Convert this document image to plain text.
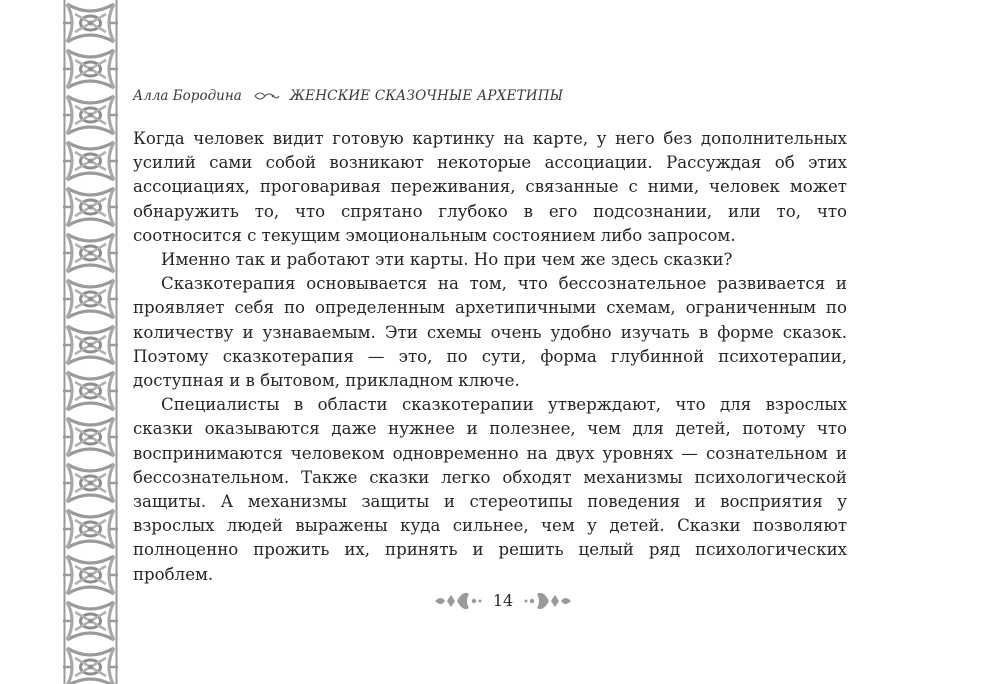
Алла Бородина	ЖЕНСКИЕ СКАЗОЧНЫЕ АРХЕТИПЫ

Когда человек видит готовую картинку на карте, у него без дополнительных усилий сами собой возникают некоторые ассоциации. Рассуждая об этих ассоциациях, проговаривая переживания, связанные с ними, человек может обнаружить то, что спрятано глубоко в его подсознании, или то, что соотносится с текущим эмоциональным состоянием либо запросом.

Именно так и работают эти карты. Но при чем же здесь сказки?

Сказкотерапия основывается на том, что бессознательное развивается и проявляет себя по определенным архетипичными схемам, ограниченным по количеству и узнаваемым. Эти схемы очень удобно изучать в форме сказок. Поэтому сказкотерапия — это, по сути, форма глубинной психотерапии, доступная и в бытовом, прикладном ключе.

Специалисты в области сказкотерапии утверждают, что для взрослых сказки оказываются даже нужнее и полезнее, чем для детей, потому что воспринимаются человеком одновременно на двух уровнях — сознательном и бессознательном. Также сказки легко обходят механизмы психологической защиты. А механизмы защиты и стереотипы поведения и восприятия у взрослых людей выражены куда сильнее, чем у детей. Сказки позволяют полноценно прожить их, принять и решить целый ряд психологических проблем.

14
